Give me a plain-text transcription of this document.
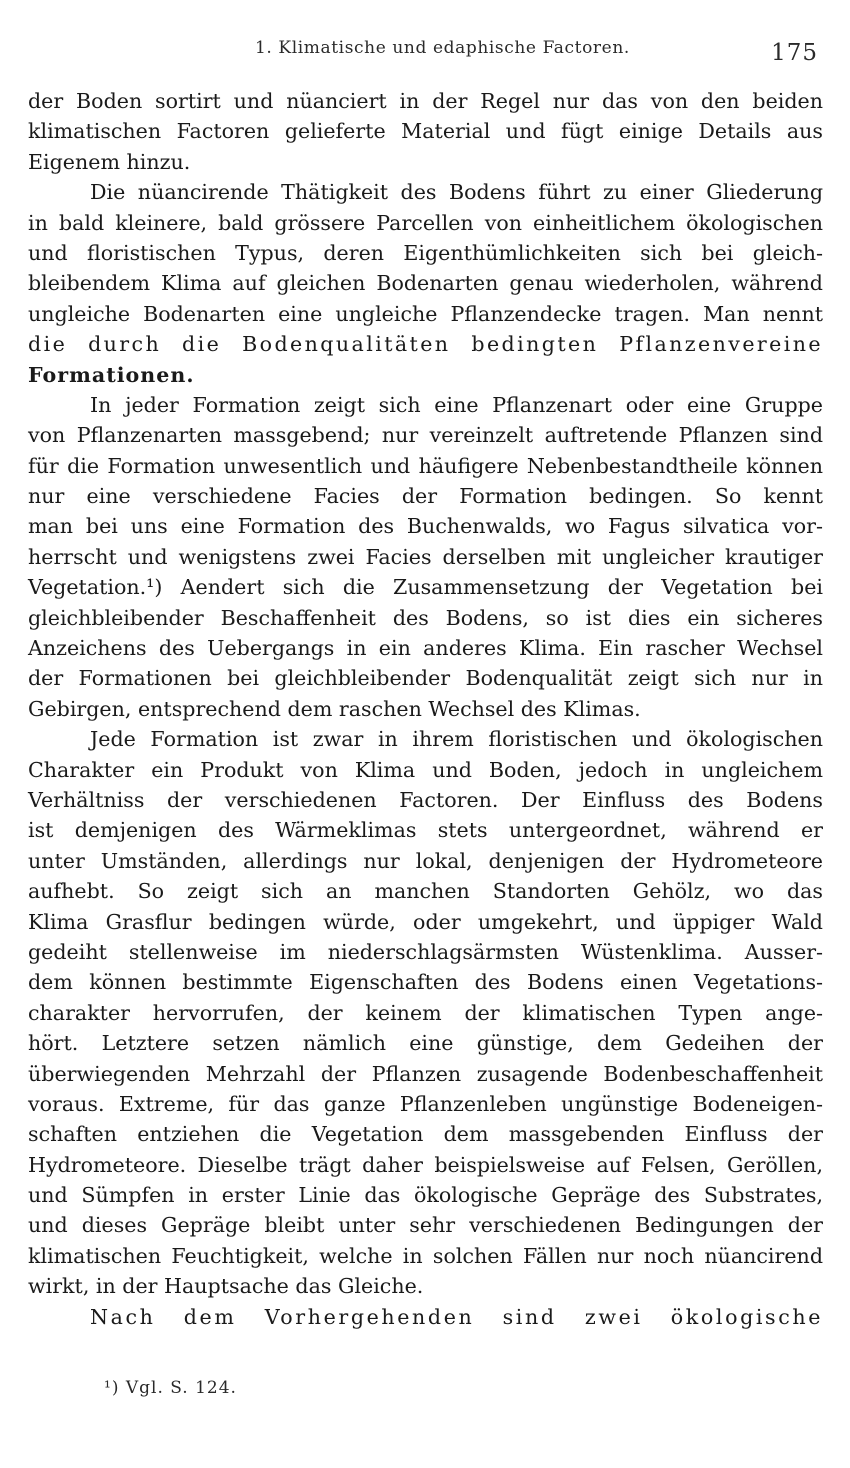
1. Klimatische und edaphische Factoren.	175
der Boden sortirt und nüanciert in der Regel nur das von den beiden
klimatischen Factoren gelieferte Material und fügt einige Details aus
Eigenem hinzu.
Die nüancirende Thätigkeit des Bodens führt zu einer Gliederung
in bald kleinere, bald grössere Parcellen von einheitlichem ökologischen
und floristischen Typus, deren Eigenthümlichkeiten sich bei gleich-
bleibendem Klima auf gleichen Bodenarten genau wiederholen, während
ungleiche Bodenarten eine ungleiche Pflanzendecke tragen. Man nennt
die durch die Bodenqualitäten bedingten Pflanzenvereine
Formationen.
In jeder Formation zeigt sich eine Pflanzenart oder eine Gruppe
von Pflanzenarten massgebend; nur vereinzelt auftretende Pflanzen sind
für die Formation unwesentlich und häufigere Nebenbestandtheile können
nur eine verschiedene Facies der Formation bedingen. So kennt
man bei uns eine Formation des Buchenwalds, wo Fagus silvatica vor-
herrscht und wenigstens zwei Facies derselben mit ungleicher krautiger
Vegetation.¹) Aendert sich die Zusammensetzung der Vegetation bei
gleichbleibender Beschaffenheit des Bodens, so ist dies ein sicheres
Anzeichens des Uebergangs in ein anderes Klima. Ein rascher Wechsel
der Formationen bei gleichbleibender Bodenqualität zeigt sich nur in
Gebirgen, entsprechend dem raschen Wechsel des Klimas.
Jede Formation ist zwar in ihrem floristischen und ökologischen
Charakter ein Produkt von Klima und Boden, jedoch in ungleichem
Verhältniss der verschiedenen Factoren. Der Einfluss des Bodens
ist demjenigen des Wärmeklimas stets untergeordnet, während er
unter Umständen, allerdings nur lokal, denjenigen der Hydrometeore
aufhebt. So zeigt sich an manchen Standorten Gehölz, wo das
Klima Grasflur bedingen würde, oder umgekehrt, und üppiger Wald
gedeiht stellenweise im niederschlagsärmsten Wüstenklima. Ausser-
dem können bestimmte Eigenschaften des Bodens einen Vegetations-
charakter hervorrufen, der keinem der klimatischen Typen ange-
hört. Letztere setzen nämlich eine günstige, dem Gedeihen der
überwiegenden Mehrzahl der Pflanzen zusagende Bodenbeschaffenheit
voraus. Extreme, für das ganze Pflanzenleben ungünstige Bodeneigen-
schaften entziehen die Vegetation dem massgebenden Einfluss der
Hydrometeore. Dieselbe trägt daher beispielsweise auf Felsen, Geröllen,
und Sümpfen in erster Linie das ökologische Gepräge des Substrates,
und dieses Gepräge bleibt unter sehr verschiedenen Bedingungen der
klimatischen Feuchtigkeit, welche in solchen Fällen nur noch nüancirend
wirkt, in der Hauptsache das Gleiche.
Nach dem Vorhergehenden sind zwei ökologische
¹) Vgl. S. 124.
